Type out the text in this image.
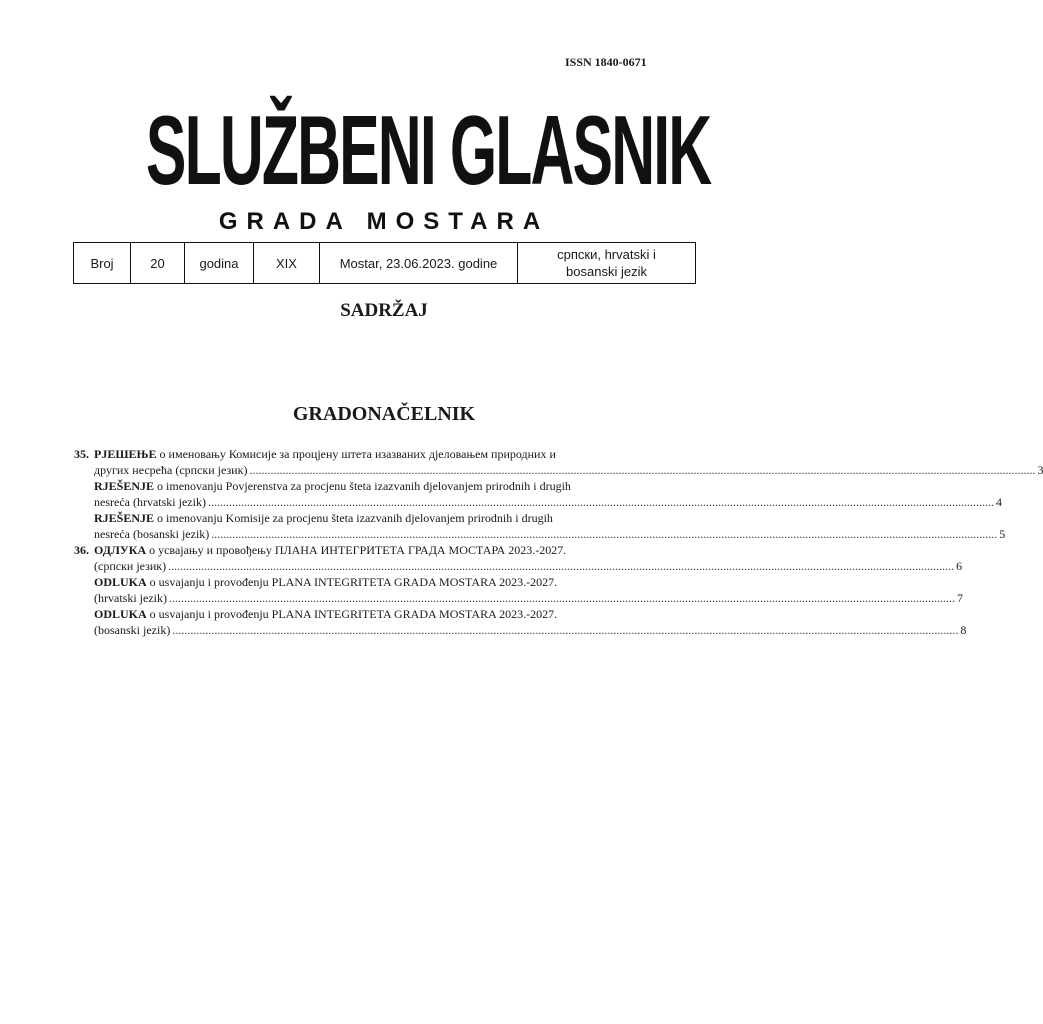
ISSN 1840-0671
SLUŽBENI GLASNIK
GRADA MOSTARA
Broj	20	godina	XIX	Mostar, 23.06.2023. godine	српски, hrvatski i
bosanski jezik
SADRŽAJ
GRADONAČELNIK
35. РЈЕШЕЊЕ о именовању Комисије за процјену штета изазваних дјеловањем природних и
других несрећа (српски језик) .....	3
RJEŠENJE o imenovanju Povjerenstva za procjenu šteta izazvanih djelovanjem prirodnih i drugih
nesreća (hrvatski jezik) .....	4
RJEŠENJE o imenovanju Komisije za procjenu šteta izazvanih djelovanjem prirodnih i drugih
nesreća (bosanski jezik) .....	5
36. ОДЛУКА о усвајању и провођењу ПЛАНА ИНТЕГРИТЕТА ГРАДА МОСТАРА 2023.-2027.
(српски језик) .....	6
ODLUKA o usvajanju i provođenju PLANA INTEGRITETA GRADA MOSTARA 2023.-2027.
(hrvatski jezik) .....	7
ODLUKA o usvajanju i provođenju PLANA INTEGRITETA GRADA MOSTARA 2023.-2027.
(bosanski jezik) .....	8
